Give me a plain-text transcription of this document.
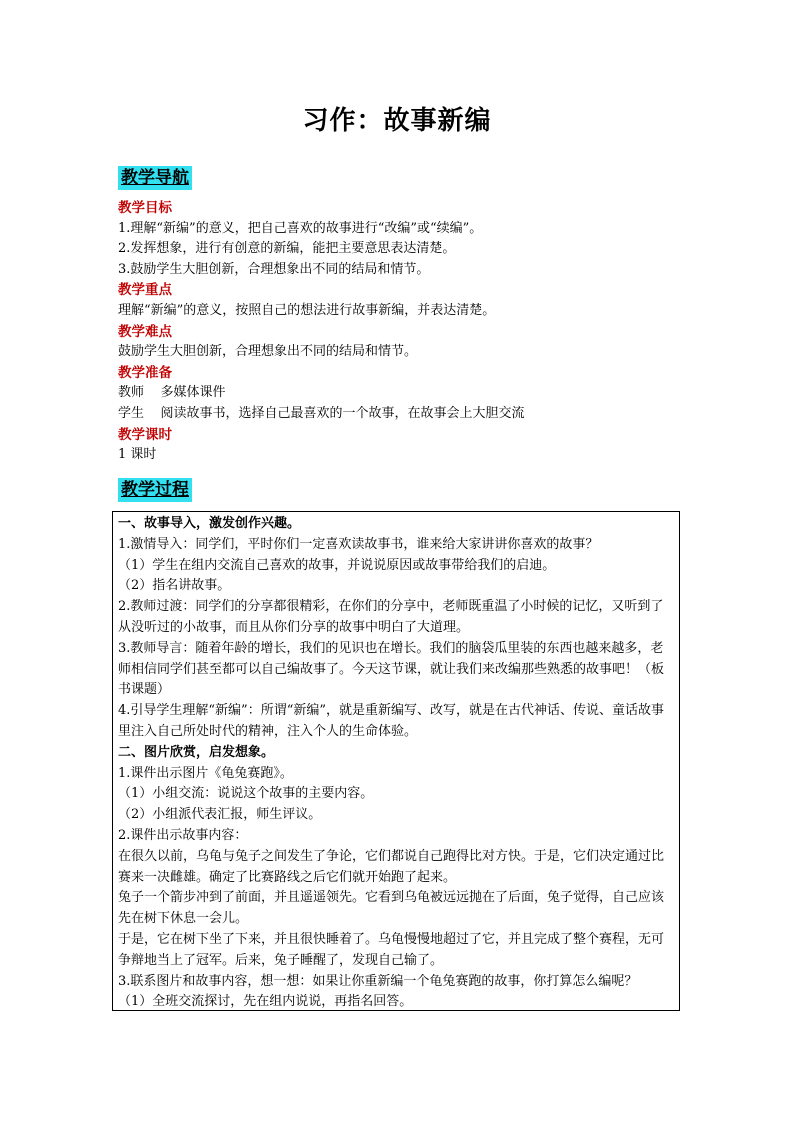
习作：故事新编
教学导航
教学目标
1.理解“新编”的意义，把自己喜欢的故事进行“改编”或“续编”。
2.发挥想象，进行有创意的新编，能把主要意思表达清楚。
3.鼓励学生大胆创新，合理想象出不同的结局和情节。
教学重点
理解“新编”的意义，按照自己的想法进行故事新编，并表达清楚。
教学难点
鼓励学生大胆创新，合理想象出不同的结局和情节。
教学准备
教师    多媒体课件
学生    阅读故事书，选择自己最喜欢的一个故事，在故事会上大胆交流
教学课时
1 课时
教学过程
一、故事导入，激发创作兴趣。
1.激情导入：同学们，平时你们一定喜欢读故事书，谁来给大家讲讲你喜欢的故事？
（1）学生在组内交流自己喜欢的故事，并说说原因或故事带给我们的启迪。
（2）指名讲故事。
2.教师过渡：同学们的分享都很精彩，在你们的分享中，老师既重温了小时候的记忆，又听到了从没听过的小故事，而且从你们分享的故事中明白了大道理。
3.教师导言：随着年龄的增长，我们的见识也在增长。我们的脑袋瓜里装的东西也越来越多，老师相信同学们甚至都可以自己编故事了。今天这节课，就让我们来改编那些熟悉的故事吧！（板书课题）
4.引导学生理解“新编”：所谓“新编”，就是重新编写、改写，就是在古代神话、传说、童话故事里注入自己所处时代的精神，注入个人的生命体验。
二、图片欣赏，启发想象。
1.课件出示图片《龟兔赛跑》。
（1）小组交流：说说这个故事的主要内容。
（2）小组派代表汇报，师生评议。
2.课件出示故事内容：
在很久以前，乌龟与兔子之间发生了争论，它们都说自己跑得比对方快。于是，它们决定通过比赛来一决雌雄。确定了比赛路线之后它们就开始跑了起来。
兔子一个箭步冲到了前面，并且遥遥领先。它看到乌龟被远远抛在了后面，兔子觉得，自己应该先在树下休息一会儿。
于是，它在树下坐了下来，并且很快睡着了。乌龟慢慢地超过了它，并且完成了整个赛程，无可争辩地当上了冠军。后来，兔子睡醒了，发现自己输了。
3.联系图片和故事内容，想一想：如果让你重新编一个龟兔赛跑的故事，你打算怎么编呢？
（1）全班交流探讨，先在组内说说，再指名回答。
